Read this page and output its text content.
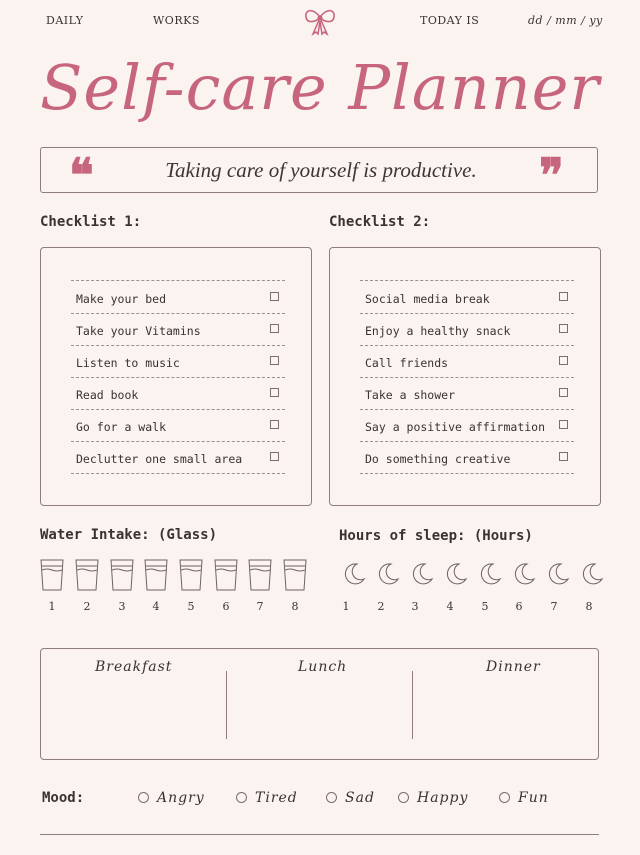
DAILY	WORKS	TODAY IS	dd / mm / yy
Self-care Planner
❝	Taking care of yourself is productive.	❞
Checklist 1:
Make your bed
Take your Vitamins
Listen to music
Read book
Go for a walk
Declutter one small area
Checklist 2:
Social media break
Enjoy a healthy snack
Call friends
Take a shower
Say a positive affirmation
Do something creative
Water Intake: (Glass)
1	2	3	4	5	6	7	8
Hours of sleep: (Hours)
1	2	3	4	5	6	7	8
Breakfast	Lunch	Dinner
Mood:	Angry	Tired	Sad	Happy	Fun
